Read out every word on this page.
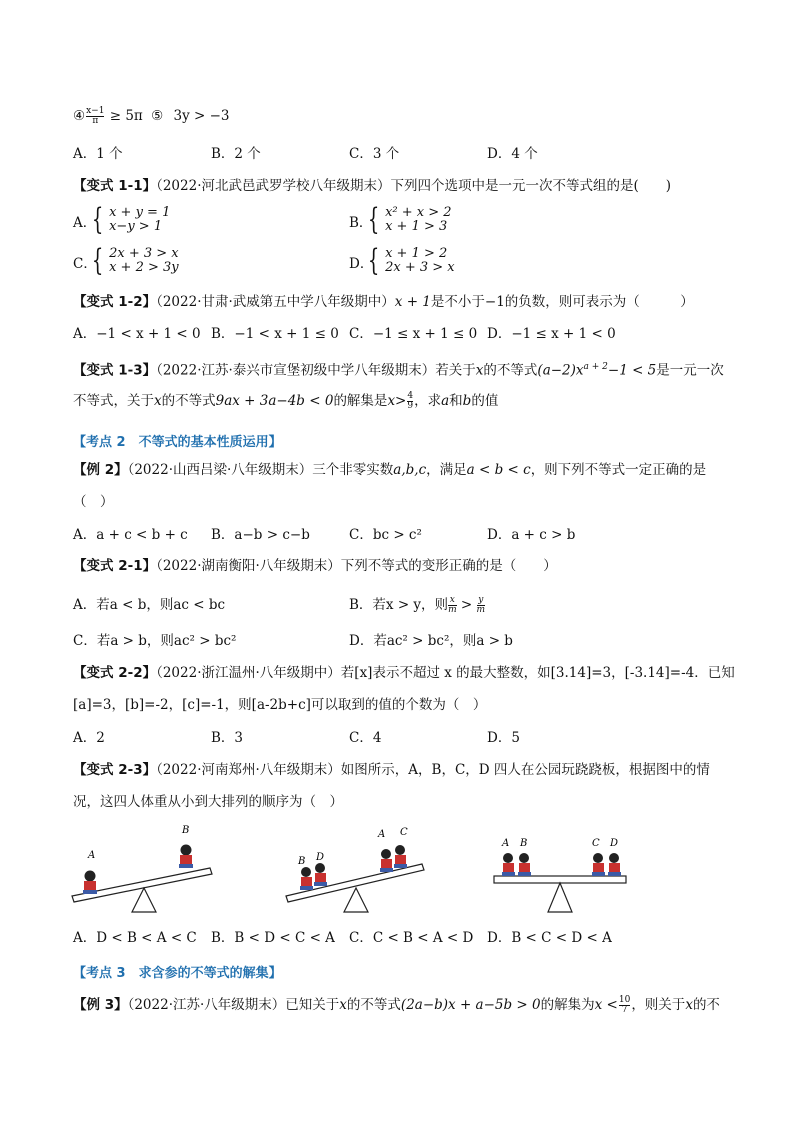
④ $\frac{x-1}{\pi} \ge 5\pi$ ⑤ 3y > −3
A．1 个	B．2 个	C．3 个	D．4 个
【变式 1-1】（2022·河北武邑武罗学校八年级期末）下列四个选项中是一元一次不等式组的是(　　)
A．
{ x + y = 1
x−y > 1	B．
{ x² + x > 2
x + 1 > 3
C．
{ 2x + 3 > x
x + 2 > 3y	D．
{ x + 1 > 2
2x + 3 > x
【变式 1-2】（2022·甘肃·武威第五中学八年级期中）x + 1是不小于−1的负数，则可表示为（　　　）
A．−1 < x + 1 < 0 B．−1 < x + 1 ≤ 0 C．−1 ≤ x + 1 ≤ 0 D．−1 ≤ x + 1 < 0
【变式 1-3】（2022·江苏·泰兴市宣堡初级中学八年级期末）若关于x的不等式$(a-2)x^{a + 2}-1 < 5$是一元一次
不等式，关于x的不等式9ax + 3a−4b < 0的解集是$x> \frac{4}{9}$ ，求a和b的值
【考点 2　不等式的基本性质运用】
【例 2】（2022·山西吕梁·八年级期末）三个非零实数a,b,c，满足a < b < c，则下列不等式一定正确的是
（　）
A．a + c < b + c B．a−b > c−b	C．bc > c²	D．a + c > b
【变式 2-1】（2022·湖南衡阳·八年级期末）下列不等式的变形正确的是（　　）
A．若a < b，则ac < bc	B．若x > y，则 $\frac{x}{m} > \frac{y}{m}$
C．若a > b，则ac² > bc²	D．若ac² > bc²，则a > b
【变式 2-2】（2022·浙江温州·八年级期中）若[x]表示不超过 x 的最大整数，如[3.14]=3，[-3.14]=-4．已知
[a]=3，[b]=-2，[c]=-1，则[a-2b+c]可以取到的值的个数为（　）
A．2	B．3	C．4	D．5
【变式 2-3】（2022·河南郑州·八年级期末）如图所示，A，B，C，D 四人在公园玩跷跷板，根据图中的情
况，这四人体重从小到大排列的顺序为（　）
A
B
B D
A C
A B	C D
A．D < B < A < C B．B < D < C < A C．C < B < A < D D．B < C < D < A
【考点 3　求含参的不等式的解集】
【例 3】（2022·江苏·八年级期末）已知关于x的不等式(2a−b)x + a−5b > 0的解集为$x < \frac{10}{7}$ ，则关于x的不
